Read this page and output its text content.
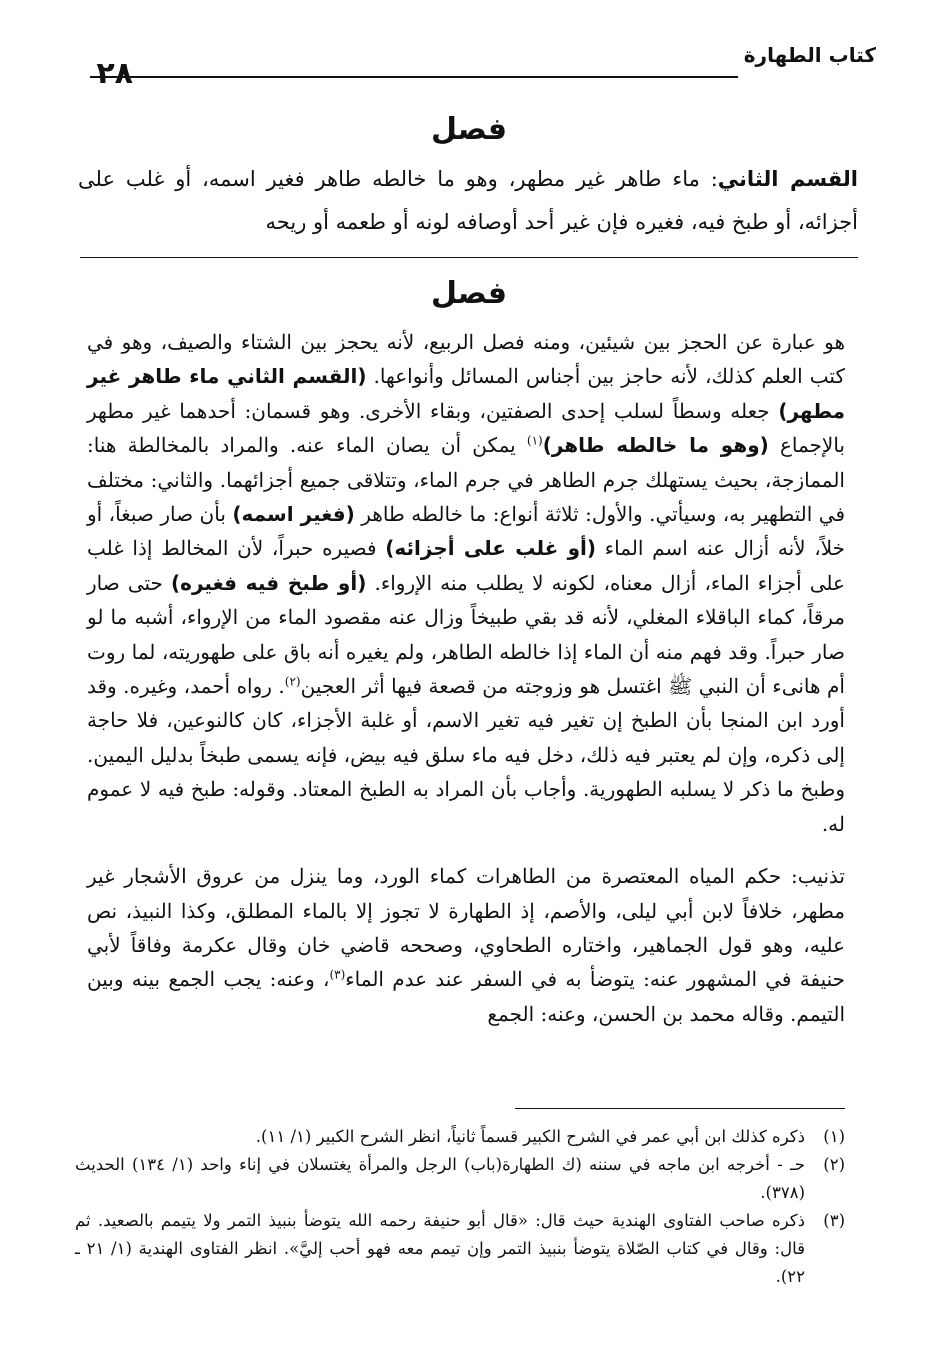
كتاب الطهارة
٢٨
فصل
القسم الثاني: ماء طاهر غير مطهر، وهو ما خالطه طاهر فغير اسمه، أو غلب على أجزائه، أو طبخ فيه، فغيره فإن غير أحد أوصافه لونه أو طعمه أو ريحه
فصل

هو عبارة عن الحجز بين شيئين، ومنه فصل الربيع، لأنه يحجز بين الشتاء والصيف، وهو في كتب العلم كذلك، لأنه حاجز بين أجناس المسائل وأنواعها. (القسم الثاني ماء طاهر غير مطهر) جعله وسطاً لسلب إحدى الصفتين، وبقاء الأخرى. وهو قسمان: أحدهما غير مطهر بالإجماع (وهو ما خالطه طاهر)$^{(١)}$ يمكن أن يصان الماء عنه. والمراد بالمخالطة هنا: الممازجة، بحيث يستهلك جرم الطاهر في جرم الماء، وتتلاقى جميع أجزائهما. والثاني: مختلف في التطهير به، وسيأتي. والأول: ثلاثة أنواع: ما خالطه طاهر (فغير اسمه) بأن صار صبغاً، أو خلاً، لأنه أزال عنه اسم الماء (أو غلب على أجزائه) فصيره حبراً، لأن المخالط إذا غلب على أجزاء الماء، أزال معناه، لكونه لا يطلب منه الإرواء. (أو طبخ فيه فغيره) حتى صار مرقاً، كماء الباقلاء المغلي، لأنه قد بقي طبيخاً وزال عنه مقصود الماء من الإرواء، أشبه ما لو صار حبراً. وقد فهم منه أن الماء إذا خالطه الطاهر، ولم يغيره أنه باق على طهوريته، لما روت أم هانىء أن النبي ﷺ اغتسل هو وزوجته من قصعة فيها أثر العجين$^{(٢)}$. رواه أحمد، وغيره. وقد أورد ابن المنجا بأن الطبخ إن تغير فيه تغير الاسم، أو غلبة الأجزاء، كان كالنوعين، فلا حاجة إلى ذكره، وإن لم يعتبر فيه ذلك، دخل فيه ماء سلق فيه بيض، فإنه يسمى طبخاً بدليل اليمين. وطبخ ما ذكر لا يسلبه الطهورية. وأجاب بأن المراد به الطبخ المعتاد. وقوله: طبخ فيه لا عموم له.

تذنيب: حكم المياه المعتصرة من الطاهرات كماء الورد، وما ينزل من عروق الأشجار غير مطهر، خلافاً لابن أبي ليلى، والأصم، إذ الطهارة لا تجوز إلا بالماء المطلق، وكذا النبيذ، نص عليه، وهو قول الجماهير، واختاره الطحاوي، وصححه قاضي خان وقال عكرمة وفاقاً لأبي حنيفة في المشهور عنه: يتوضأ به في السفر عند عدم الماء$^{(٣)}$، وعنه: يجب الجمع بينه وبين التيمم. وقاله محمد بن الحسن، وعنه: الجمع

(١)
ذكره كذلك ابن أبي عمر في الشرح الكبير قسماً ثانياً، انظر الشرح الكبير (١/ ١١).
(٢)
حـ - أخرجه ابن ماجه في سننه (ك الطهارة(باب) الرجل والمرأة يغتسلان في إناء واحد (١/ ١٣٤) الحديث (٣٧٨).
(٣)
ذكره صاحب الفتاوى الهندية حيث قال: «قال أبو حنيفة رحمه الله يتوضأ بنبيذ التمر ولا يتيمم بالصعيد. ثم قال: وقال في كتاب الصّلاة يتوضأ بنبيذ التمر وإن تيمم معه فهو أحب إليَّ». انظر الفتاوى الهندية (١/ ٢١ ـ ٢٢).
